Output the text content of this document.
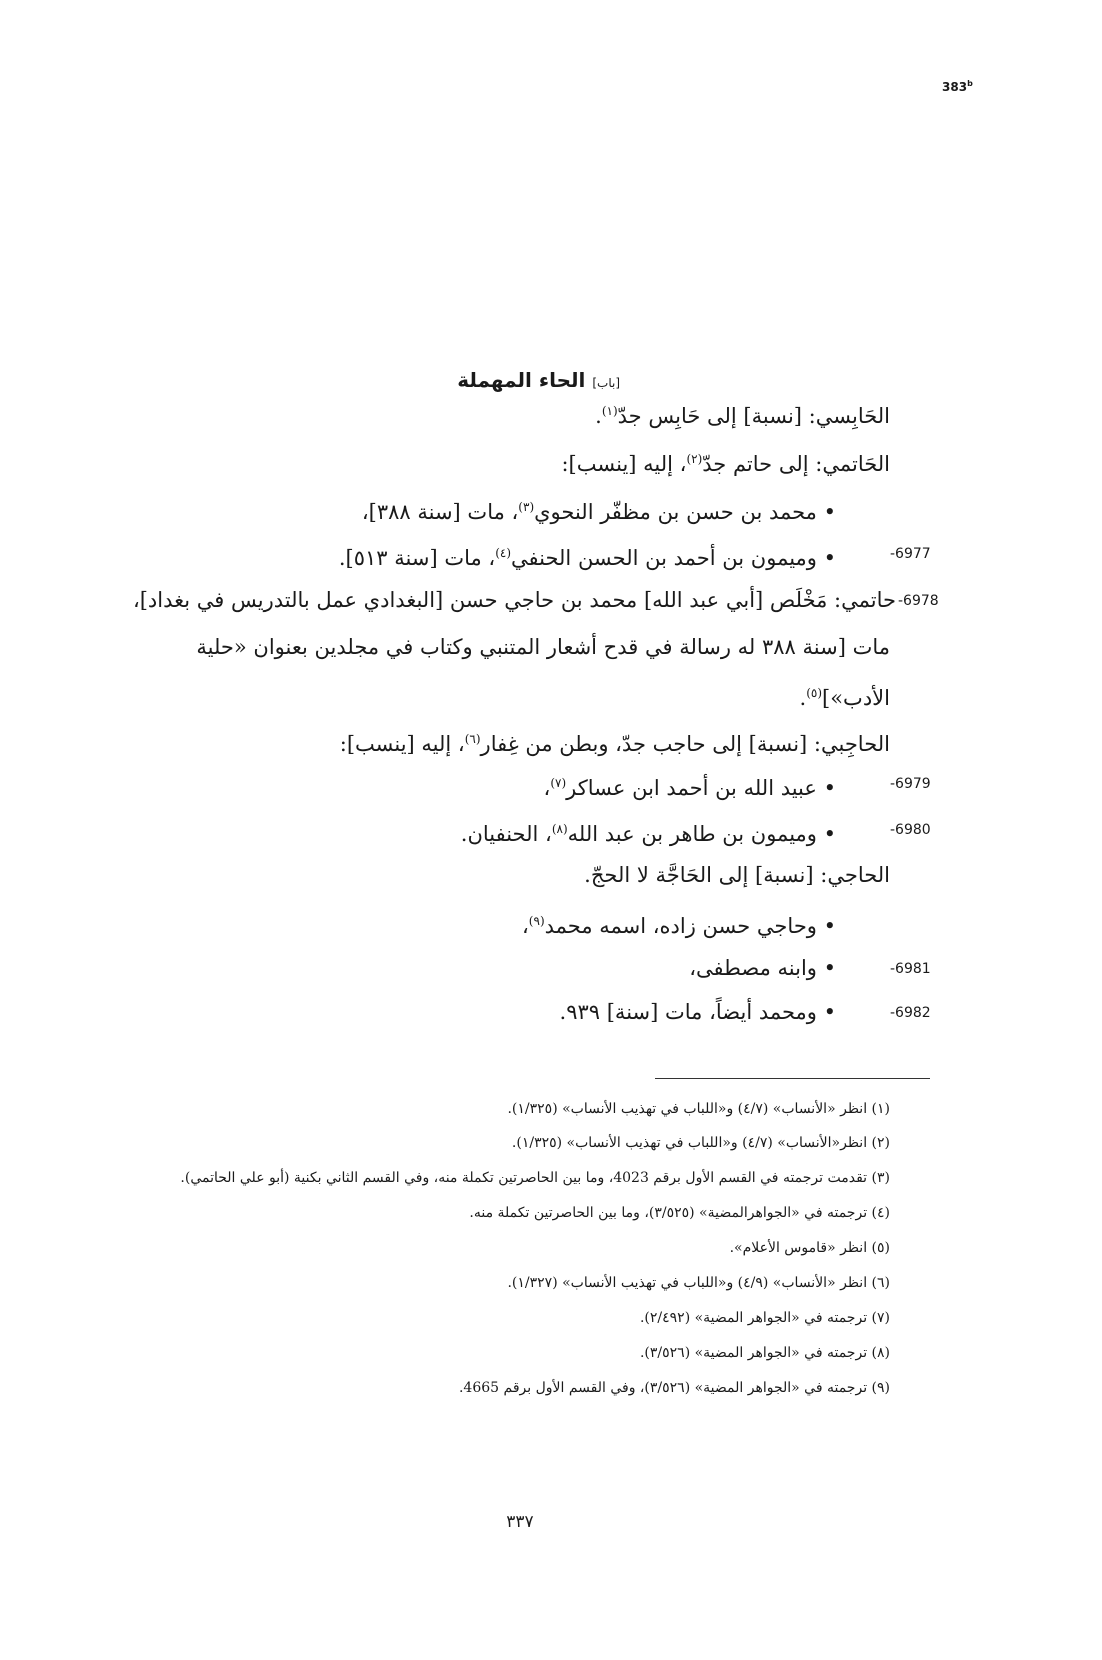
383$^b$
[باب] الحاء المهملة
الحَابِسي: [نسبة] إلى حَابِس جدّ$^{(١)}$.
الحَاتمي: إلى حاتم جدّ$^{(٢)}$، إليه [ينسب]:
• محمد بن حسن بن مظفّر النحوي$^{(٣)}$، مات [سنة ٣٨٨]،
• وميمون بن أحمد بن الحسن الحنفي$^{(٤)}$، مات [سنة ٥١٣].
حاتمي: مَخْلَص [أبي عبد الله] محمد بن حاجي حسن [البغدادي عمل بالتدريس في بغداد]،
مات [سنة ٣٨٨ له رسالة في قدح أشعار المتنبي وكتاب في مجلدين بعنوان «حلية
الأدب»]$^{(٥)}$.
الحاجِبي: [نسبة] إلى حاجب جدّ، وبطن من غِفار$^{(٦)}$، إليه [ينسب]:
• عبيد الله بن أحمد ابن عساكر$^{(٧)}$،
• وميمون بن طاهر بن عبد الله$^{(٨)}$، الحنفيان.
الحاجي: [نسبة] إلى الحَاجَّة لا الحجّ.
• وحاجي حسن زاده، اسمه محمد$^{(٩)}$،
• وابنه مصطفى،
• ومحمد أيضاً، مات [سنة] ٩٣٩.
-6977
-6978
-6979
-6980
-6981
-6982
(١) انظر «الأنساب» (٤/٧) و«اللباب في تهذيب الأنساب» (١/٣٢٥).
(٢) انظر«الأنساب» (٤/٧) و«اللباب في تهذيب الأنساب» (١/٣٢٥).
(٣) تقدمت ترجمته في القسم الأول برقم 4023، وما بين الحاصرتين تكملة منه، وفي القسم الثاني بكنية (أبو علي الحاتمي).
(٤) ترجمته في «الجواهرالمضية» (٣/٥٢٥)، وما بين الحاصرتين تكملة منه.
(٥) انظر «قاموس الأعلام».
(٦) انظر «الأنساب» (٤/٩) و«اللباب في تهذيب الأنساب» (١/٣٢٧).
(٧) ترجمته في «الجواهر المضية» (٢/٤٩٢).
(٨) ترجمته في «الجواهر المضية» (٣/٥٢٦).
(٩) ترجمته في «الجواهر المضية» (٣/٥٢٦)، وفي القسم الأول برقم 4665.
٣٣٧
